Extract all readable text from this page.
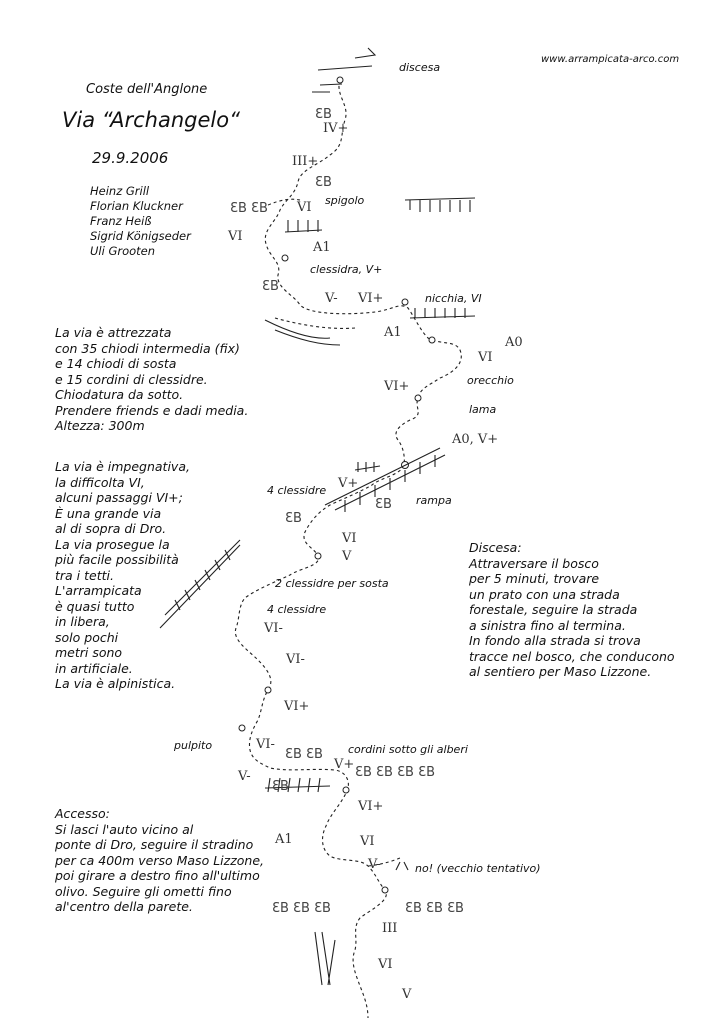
Coste dell'Anglone
Via “Archangelo“
29.9.2006
www.arrampicata-arco.com
Heinz Grill
Florian Kluckner
Franz Heiß
Sigrid Königseder
Uli Grooten
La via è attrezzata
con 35 chiodi intermedia (fix)
e 14 chiodi di sosta
e 15 cordini di clessidre.
Chiodatura da sotto.
Prendere friends e dadi media.
Altezza: 300m
La via è impegnativa,
la difficolta VI,
alcuni passaggi VI+;
È una grande via
al di sopra di Dro.
La via prosegue la
più facile possibilità
tra i tetti.
L'arrampicata
è quasi tutto
in libera,
solo pochi
metri sono
in artificiale.
La via è alpinistica.
Discesa:
Attraversare il bosco
per 5 minuti, trovare
un prato con una strada
forestale, seguire la strada
a sinistra fino al termina.
In fondo alla strada si trova
tracce nel bosco, che conducono
al sentiero per Maso Lizzone.
Accesso:
Si lasci l'auto vicino al
ponte di Dro, seguire il stradino
per ca 400m verso Maso Lizzone,
poi girare a destro fino all'ultimo
olivo. Seguire gli ometti fino
al'centro della parete.
ƐB
ƐB ƐB
ƐB
ƐB
ƐB
ƐB
ƐB ƐB
ƐB ƐB ƐB ƐB
ƐB ƐB ƐB	ƐB ƐB ƐB
ƐB
IV+
III+
VI
VI
A1
V- VI+
A1
A0
VI
VI+
A0, V+
V+
VI
V
VI-
VI-
VI+
VI-
V+
V-
VI+
A1	VI
V-
III
VI
V
discesa
spigolo
clessidra, V+
nicchia, VI
orecchio
lama
4 clessidre
rampa
2 clessidre per sosta
4 clessidre
pulpito	cordini sotto gli alberi
no! (vecchio tentativo)
